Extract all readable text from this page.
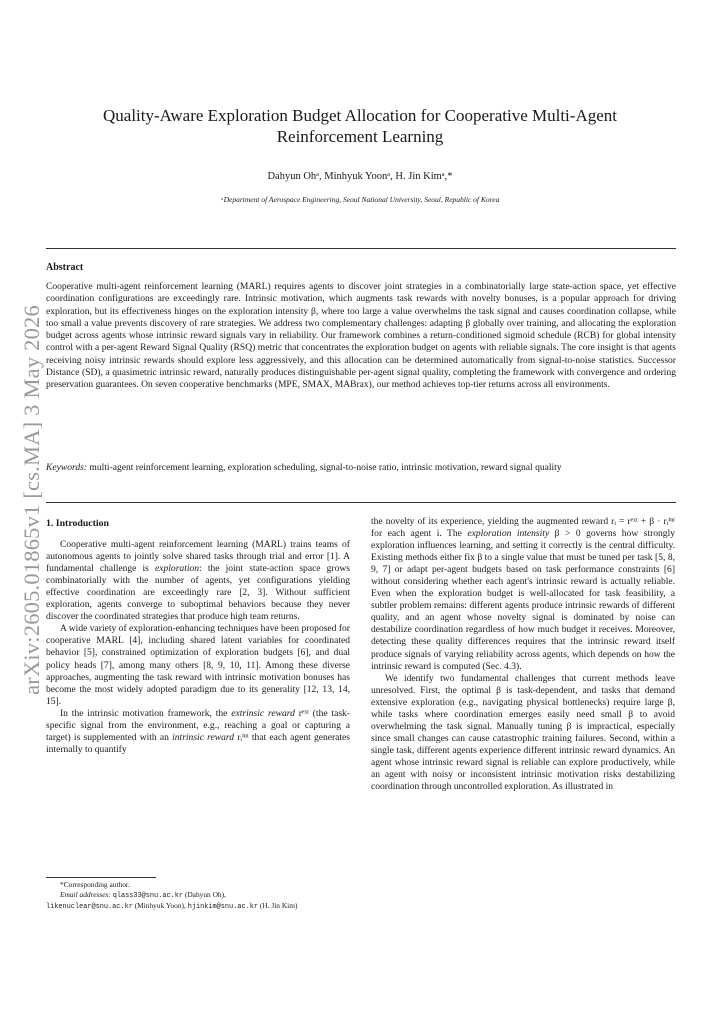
arXiv:2605.01865v1 [cs.MA] 3 May 2026
Quality-Aware Exploration Budget Allocation for Cooperative Multi-Agent Reinforcement Learning
Dahyun Ohᵃ, Minhyuk Yoonᵃ, H. Jin Kimᵃ,*
ᵃDepartment of Aerospace Engineering, Seoul National University, Seoul, Republic of Korea
Abstract

Cooperative multi-agent reinforcement learning (MARL) requires agents to discover joint strategies in a combinatorially large state-action space, yet effective coordination configurations are exceedingly rare. Intrinsic motivation, which augments task rewards with novelty bonuses, is a popular approach for driving exploration, but its effectiveness hinges on the exploration intensity β, where too large a value overwhelms the task signal and causes coordination collapse, while too small a value prevents discovery of rare strategies. We address two complementary challenges: adapting β globally over training, and allocating the exploration budget across agents whose intrinsic reward signals vary in reliability. Our framework combines a return-conditioned sigmoid schedule (RCB) for global intensity control with a per-agent Reward Signal Quality (RSQ) metric that concentrates the exploration budget on agents with reliable signals. The core insight is that agents receiving noisy intrinsic rewards should explore less aggressively, and this allocation can be determined automatically from signal-to-noise statistics. Successor Distance (SD), a quasimetric intrinsic reward, naturally produces distinguishable per-agent signal quality, completing the framework with convergence and ordering preservation guarantees. On seven cooperative benchmarks (MPE, SMAX, MABrax), our method achieves top-tier returns across all environments.

Keywords: multi-agent reinforcement learning, exploration scheduling, signal-to-noise ratio, intrinsic motivation, reward signal quality

1. Introduction

Cooperative multi-agent reinforcement learning (MARL) trains teams of autonomous agents to jointly solve shared tasks through trial and error [1]. A fundamental challenge is exploration: the joint state-action space grows combinatorially with the number of agents, yet configurations yielding effective coordination are exceedingly rare [2, 3]. Without sufficient exploration, agents converge to suboptimal behaviors because they never discover the coordinated strategies that produce high team returns.

A wide variety of exploration-enhancing techniques have been proposed for cooperative MARL [4], including shared latent variables for coordinated behavior [5], constrained optimization of exploration budgets [6], and dual policy heads [7], among many others [8, 9, 10, 11]. Among these diverse approaches, augmenting the task reward with intrinsic motivation bonuses has become the most widely adopted paradigm due to its generality [12, 13, 14, 15].

In the intrinsic motivation framework, the extrinsic reward rᵉˣᵗ (the task-specific signal from the environment, e.g., reaching a goal or capturing a target) is supplemented with an intrinsic reward rᵢⁱⁿᵗ that each agent generates internally to quantify

*Corresponding author.

Email addresses: qlass33@snu.ac.kr (Dahyun Oh),

likenuclear@snu.ac.kr (Minhyuk Yoon), hjinkim@snu.ac.kr (H. Jin Kim)

the novelty of its experience, yielding the augmented reward rᵢ = rᵉˣᵗ + β · rᵢⁱⁿᵗ for each agent i. The exploration intensity β > 0 governs how strongly exploration influences learning, and setting it correctly is the central difficulty. Existing methods either fix β to a single value that must be tuned per task [5, 8, 9, 7] or adapt per-agent budgets based on task performance constraints [6] without considering whether each agent's intrinsic reward is actually reliable. Even when the exploration budget is well-allocated for task feasibility, a subtler problem remains: different agents produce intrinsic rewards of different quality, and an agent whose novelty signal is dominated by noise can destabilize coordination regardless of how much budget it receives. Moreover, detecting these quality differences requires that the intrinsic reward itself produce signals of varying reliability across agents, which depends on how the intrinsic reward is computed (Sec. 4.3).

We identify two fundamental challenges that current methods leave unresolved. First, the optimal β is task-dependent, and tasks that demand extensive exploration (e.g., navigating physical bottlenecks) require large β, while tasks where coordination emerges easily need small β to avoid overwhelming the task signal. Manually tuning β is impractical, especially since small changes can cause catastrophic training failures. Second, within a single task, different agents experience different intrinsic reward dynamics. An agent whose intrinsic reward signal is reliable can explore productively, while an agent with noisy or inconsistent intrinsic motivation risks destabilizing coordination through uncontrolled exploration. As illustrated in
